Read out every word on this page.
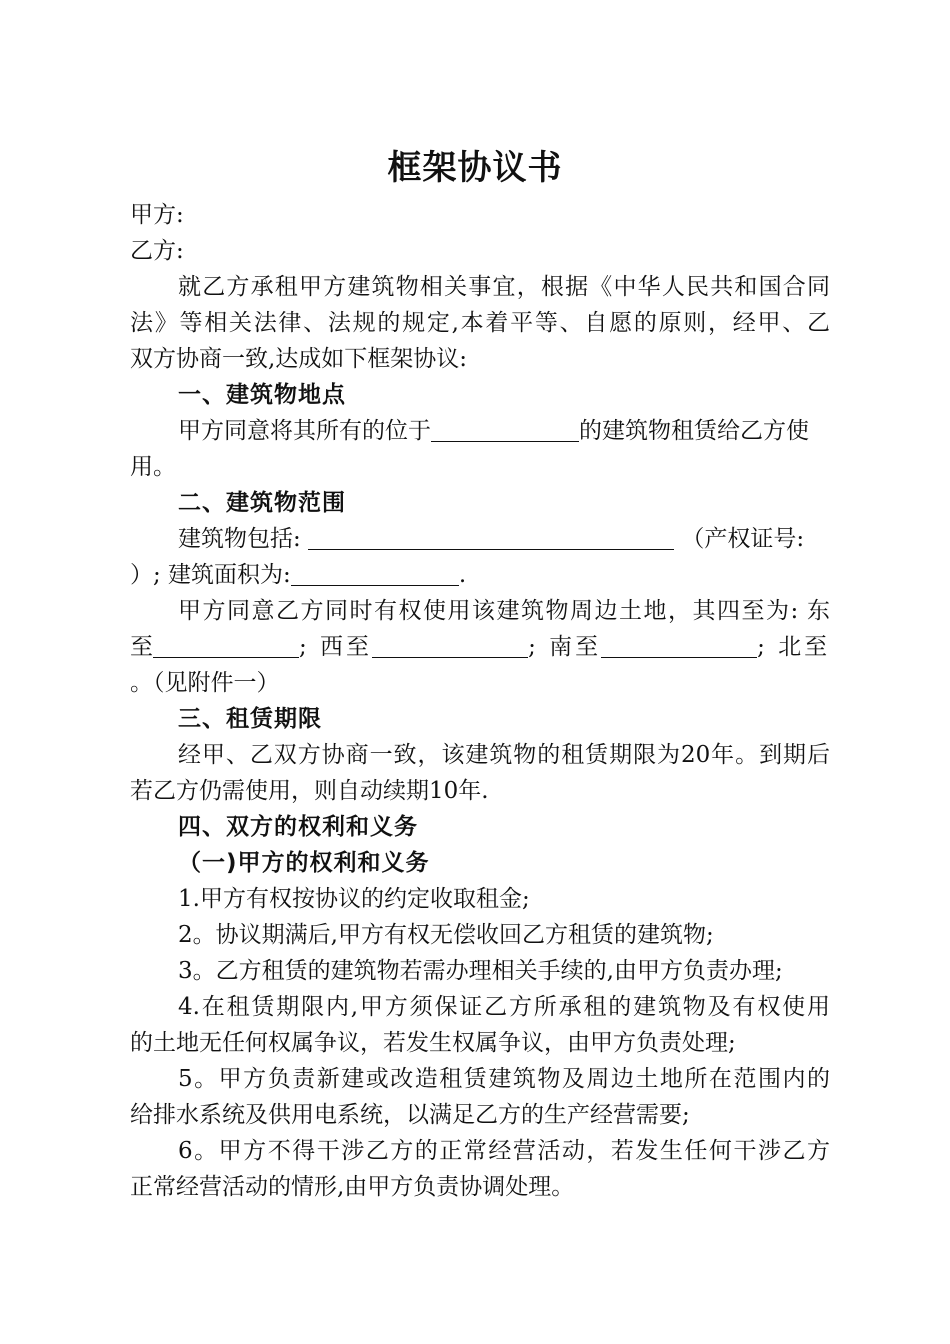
框架协议书
甲方:
乙方:
就乙方承租甲方建筑物相关事宜，根据《中华人民共和国合同
法》等相关法律、法规的规定,本着平等、自愿的原则，经甲、乙
双方协商一致,达成如下框架协议:
一、建筑物地点
甲方同意将其所有的位于	的建筑物租赁给乙方使
用。
二、建筑物范围
建筑物包括:	（产权证号:
）; 建筑面积为:	.
甲方同意乙方同时有权使用该建筑物周边土地，其四至为: 东
至	; 西至	; 南至	; 北至
。（见附件一）
三、租赁期限
经甲、乙双方协商一致，该建筑物的租赁期限为20年。到期后
若乙方仍需使用，则自动续期10年.
四、双方的权利和义务
（一)甲方的权利和义务
1.甲方有权按协议的约定收取租金;
2。协议期满后,甲方有权无偿收回乙方租赁的建筑物;
3。乙方租赁的建筑物若需办理相关手续的,由甲方负责办理;
4.在租赁期限内,甲方须保证乙方所承租的建筑物及有权使用
的土地无任何权属争议，若发生权属争议，由甲方负责处理;
5。甲方负责新建或改造租赁建筑物及周边土地所在范围内的
给排水系统及供用电系统，以满足乙方的生产经营需要;
6。甲方不得干涉乙方的正常经营活动，若发生任何干涉乙方
正常经营活动的情形,由甲方负责协调处理。
